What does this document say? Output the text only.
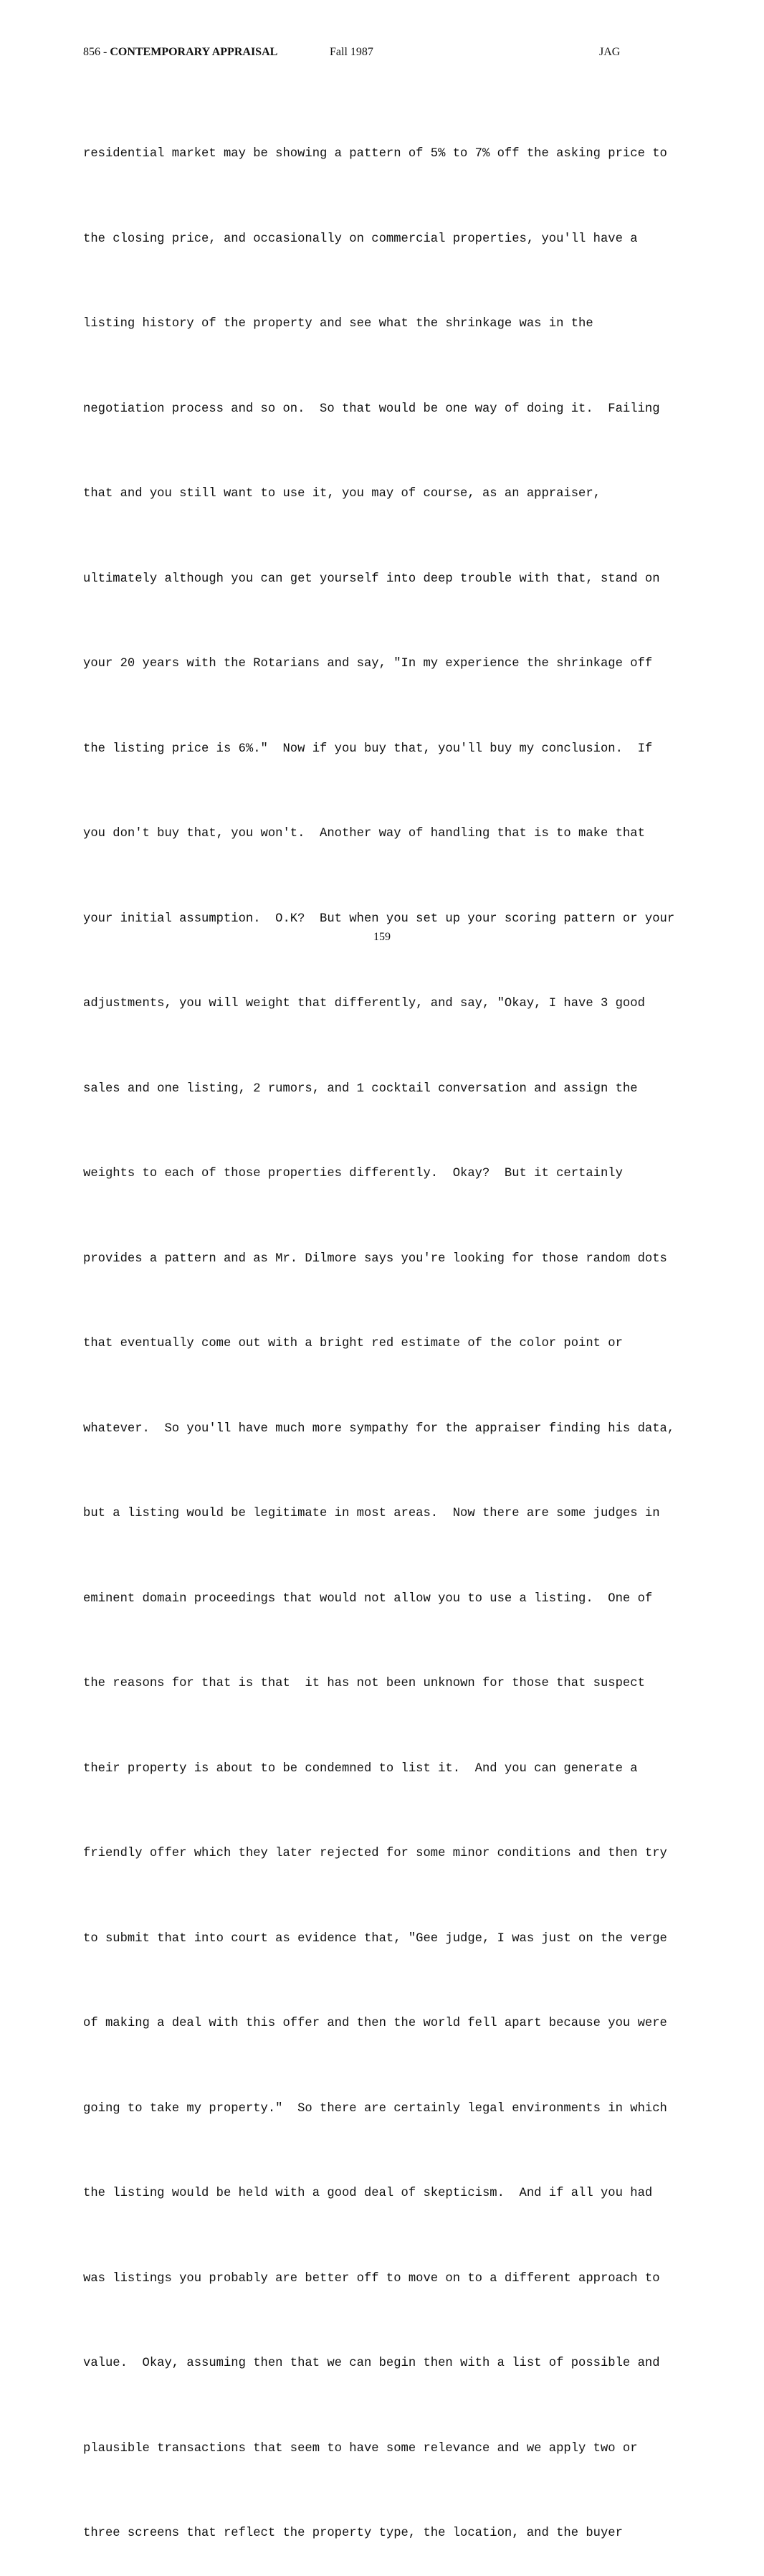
856 - CONTEMPORARY APPRAISAL	Fall 1987	JAG

residential market may be showing a pattern of 5% to 7% off the asking price to

the closing price, and occasionally on commercial properties, you'll have a

listing history of the property and see what the shrinkage was in the

negotiation process and so on.  So that would be one way of doing it.  Failing

that and you still want to use it, you may of course, as an appraiser,

ultimately although you can get yourself into deep trouble with that, stand on

your 20 years with the Rotarians and say, "In my experience the shrinkage off

the listing price is 6%."  Now if you buy that, you'll buy my conclusion.  If

you don't buy that, you won't.  Another way of handling that is to make that

your initial assumption.  O.K?  But when you set up your scoring pattern or your

adjustments, you will weight that differently, and say, "Okay, I have 3 good

sales and one listing, 2 rumors, and 1 cocktail conversation and assign the

weights to each of those properties differently.  Okay?  But it certainly

provides a pattern and as Mr. Dilmore says you're looking for those random dots

that eventually come out with a bright red estimate of the color point or

whatever.  So you'll have much more sympathy for the appraiser finding his data,

but a listing would be legitimate in most areas.  Now there are some judges in

eminent domain proceedings that would not allow you to use a listing.  One of

the reasons for that is that  it has not been unknown for those that suspect

their property is about to be condemned to list it.  And you can generate a

friendly offer which they later rejected for some minor conditions and then try

to submit that into court as evidence that, "Gee judge, I was just on the verge

of making a deal with this offer and then the world fell apart because you were

going to take my property."  So there are certainly legal environments in which

the listing would be held with a good deal of skepticism.  And if all you had

was listings you probably are better off to move on to a different approach to

value.  Okay, assuming then that we can begin then with a list of possible and

plausible transactions that seem to have some relevance and we apply two or

three screens that reflect the property type, the location, and the buyer

159
